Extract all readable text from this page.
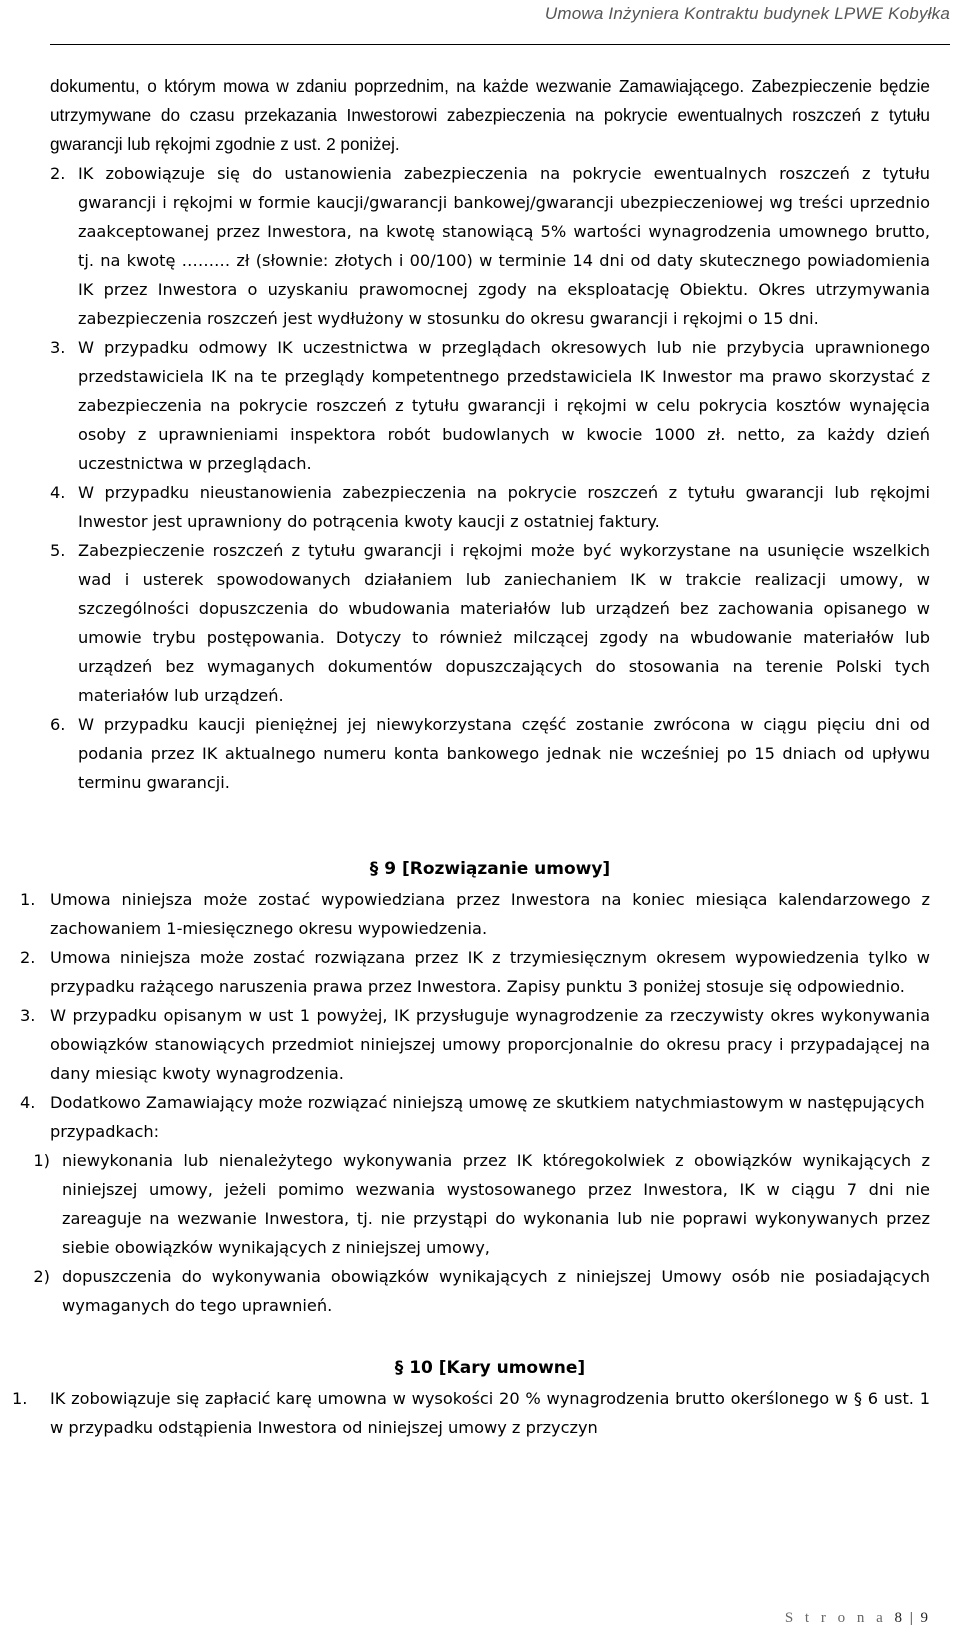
Umowa Inżyniera Kontraktu budynek LPWE Kobyłka

dokumentu, o którym mowa w zdaniu poprzednim, na każde wezwanie Zamawiającego. Zabezpieczenie będzie utrzymywane do czasu przekazania Inwestorowi zabezpieczenia na pokrycie ewentualnych roszczeń z tytułu gwarancji lub rękojmi zgodnie z ust. 2 poniżej.

2. IK zobowiązuje się do ustanowienia zabezpieczenia na pokrycie ewentualnych roszczeń z tytułu gwarancji i rękojmi w formie kaucji/gwarancji bankowej/gwarancji ubezpieczeniowej wg treści uprzednio zaakceptowanej przez Inwestora, na kwotę stanowiącą 5% wartości wynagrodzenia umownego brutto, tj. na kwotę ……… zł (słownie: złotych i 00/100) w terminie 14 dni od daty skutecznego powiadomienia IK przez Inwestora o uzyskaniu prawomocnej zgody na eksploatację Obiektu. Okres utrzymywania zabezpieczenia roszczeń jest wydłużony w stosunku do okresu gwarancji i rękojmi o 15 dni.
3. W przypadku odmowy IK uczestnictwa w przeglądach okresowych lub nie przybycia uprawnionego przedstawiciela IK na te przeglądy kompetentnego przedstawiciela IK Inwestor ma prawo skorzystać z zabezpieczenia na pokrycie roszczeń z tytułu gwarancji i rękojmi w celu pokrycia kosztów wynajęcia osoby z uprawnieniami inspektora robót budowlanych w kwocie 1000 zł. netto, za każdy dzień uczestnictwa w przeglądach.
4. W przypadku nieustanowienia zabezpieczenia na pokrycie roszczeń z tytułu gwarancji lub rękojmi Inwestor jest uprawniony do potrącenia kwoty kaucji z ostatniej faktury.
5. Zabezpieczenie roszczeń z tytułu gwarancji i rękojmi może być wykorzystane na usunięcie wszelkich wad i usterek spowodowanych działaniem lub zaniechaniem IK w trakcie realizacji umowy, w szczególności dopuszczenia do wbudowania materiałów lub urządzeń bez zachowania opisanego w umowie trybu postępowania. Dotyczy to również milczącej zgody na wbudowanie materiałów lub urządzeń bez wymaganych dokumentów dopuszczających do stosowania na terenie Polski tych materiałów lub urządzeń.
6. W przypadku kaucji pieniężnej jej niewykorzystana część zostanie zwrócona w ciągu pięciu dni od podania przez IK aktualnego numeru konta bankowego jednak nie wcześniej po 15 dniach od upływu terminu gwarancji.

§ 9 [Rozwiązanie umowy]

1. Umowa niniejsza może zostać wypowiedziana przez Inwestora na koniec miesiąca kalendarzowego z zachowaniem 1-miesięcznego okresu wypowiedzenia.
2. Umowa niniejsza może zostać rozwiązana przez IK z trzymiesięcznym okresem wypowiedzenia tylko w przypadku rażącego naruszenia prawa przez Inwestora. Zapisy punktu 3 poniżej stosuje się odpowiednio.
3. W przypadku opisanym w ust 1 powyżej, IK przysługuje wynagrodzenie za rzeczywisty okres wykonywania obowiązków stanowiących przedmiot niniejszej umowy proporcjonalnie do okresu pracy i przypadającej na dany miesiąc kwoty wynagrodzenia.
4. Dodatkowo Zamawiający może rozwiązać niniejszą umowę ze skutkiem natychmiastowym w następujących przypadkach:
1) niewykonania lub nienależytego wykonywania przez IK któregokolwiek z obowiązków wynikających z niniejszej umowy, jeżeli pomimo wezwania wystosowanego przez Inwestora, IK w ciągu 7 dni nie zareaguje na wezwanie Inwestora, tj. nie przystąpi do wykonania lub nie poprawi wykonywanych przez siebie obowiązków wynikających z niniejszej umowy,
2) dopuszczenia do wykonywania obowiązków wynikających z niniejszej Umowy osób nie posiadających wymaganych do tego uprawnień.

§ 10 [Kary umowne]

1.	IK zobowiązuje się zapłacić karę umowna w wysokości 20 % wynagrodzenia brutto okerślonego w § 6 ust. 1 w przypadku odstąpienia Inwestora od niniejszej umowy z przyczyn
S t r o n a 8 | 9
